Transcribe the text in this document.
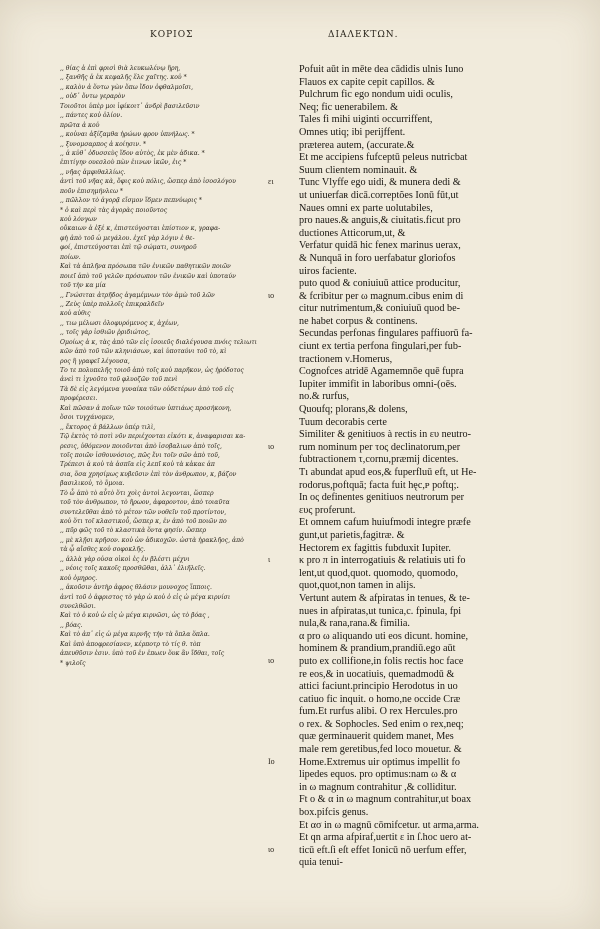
ΚΟΡΙΟΣ	ΔΙΑΛΕΚΤΩΝ.
,, θίας ἀ ἐπὶ φρισὶ θιὰ λευκωλένῳ ἥρη,
,, ξανθῆς ἀ ἐκ κεφαλῆς ἕλε χαῖτης. κοὐ *
,, καλὸν ἀ ὅντω γὼν ὅπω ἴδον ὀφθαλμοῖσι,
,, οὐδ᾽ ὅντω γεραρὸν
Τοιοῦτοι ὑπὲρ μοι ἰφίκοιτ᾽ ἀνδρὶ βασιλεῦσιν
,, πάντες κοὐ ὀλίον.
πρῶτα ἀ κοὐ
,, κοὐναι ἀξίζαμθα ἡρώων φρον ὑπνήλως. *
,, ξυνομσαρπος ἀ κοίησιν. *
,, ἀ κὐθ᾽ ὀδυσσεὺς ἴδον αὐτὸς, ἐκ μὲν ἀδικα. *
ἐπιτίγην ουεσλοὺ πὼν ἐιινων ἰκῶν, ἐις *
,, νῆας ἀμφιθαλλίως.
ἀντὶ τοῦ νῆας κὰ, ὄφις κοὐ πόλις, ὥσπερ ἀπὸ ἰσοσλόγου
ποῦν ἐπισημήνλεω *
,, πῶλλον τὸ ἀγορᾷ εἴσμον ἴδμεν πεπνύωρις *
* ὁ καὶ περὶ τὰς ἀγορὰς ποιοῦντος
κοὐ λόνγων
οὔκαιων ἀ ἐξέ κ, ἐπιστεύγοσται ἑπίστιον κ, γραφα-
φὴ ἀπὸ τοῦ ὡ μεγάλου. ἐχεῖ γὰρ λόγιν ἐ θε-
φοί, ἐπιστεύγοσται ἐπὶ τῷ σώματι, συνηροῦ
ποίων.
Καὶ τὰ ἀπλῆνα πρόσωπα τῶν ἐνικῶν παθητικῶν ποιῶν
ποιεῖ ἀπὸ τοῦ γελῶν πρόσωπον τῶν ἐνικῶν καὶ ὑποταύν
τοῦ τὴν κα μία
,, Γνώσιται ἀτρῆδος ἀγαμέμνων τὸν ἀμὼ τοῦ λῶν
,, Ζεὺς ὑπὲρ πολλοῖς ἐπικραλδεῖν
κοὐ αὐθις
,, τιω μέλωσι ὀλοφυρόμενος κ, ἀχέων,
,, τοῖς γὰρ ἰσθιῶν ῥριδιώτος,
Ομοίως ἀ κ, τὰς ἀπὸ τῶν εἰς ἰσοιεῦς διαλέγουσα πνόις τελιωτι
κῶν ἀπὸ τοῦ τῶν κληνιάσων, καὶ ὑποταύνι τοῦ τὸ, κὶ
ρος ἢ γραφεῖ λέγουσα,
Το τε πολυπελῆς τοιοῦ ἀπὸ τοῖς κοὐ παρῆκον, ὡς ἡρόδοτος
ἀνεὶ τι ἰχνοῦτο τοῦ φλυοζῶν τοῦ πενὶ
Τὰ δὲ εἰς λεγόμενα γυναίκα τῶν οὐδετέρων ἀπὸ τοῦ εἰς
προφέρεσει.
Καὶ πῶσαν ἀ ποῖων τῶν τοιούτων ὑπτιάως προσήκονη,
ὅσοι τυγχάνομεν,
,, ἕκτορος ἀ βάλλων ὑπέρ τιλὶ,
Τῷ ἐκτὸς τὸ ποτὶ νῦν περιέχονται εἰκότι κ, ἀναφαρισαι κα-
ρεσις, ὑθόμενον ποιοῦνται ἀπὸ ἰσοβαλιων ἀπὸ τοῖς,
τοῖς ποιῶν ἰσθουνόσιος, πῶς ἔνι τοῖν σῶν ἀπὸ τοῦ,
Τρέπεσι ἀ κοὐ τὰ ἀσπῖα εἰς λεπῖ κοὐ τὰ κἀκαε ἀπ
σια, ὅσα χρησίμως κυβεῦσιν ἐπὶ τὸν ἀνθρωπον, κ, βάζον
βασιλικοὐ, τὸ ὅμοια.
Τὸ ὦ ἀπὸ τὸ αὖτὸ ὅτι χοὶς ἀντοὶ λεγονται, ὥσπερ
τοῦ τὸν ἀνθρωπον, τὸ ἥρωον, ἀφαροντον, ἀπὸ τοιαῦτα
συντελεῦθαι ἀπὸ τὸ μέτον τῶν νοθεῖν τοῦ προτίντον,
κοὐ ὅτι τοῖ κλαστικοὖ, ὥσπερ κ, ἐν ἀπὸ τοῦ ποιῶν πο
,, πῦρ φῶς τοῦ τὸ κλαστικὰ ὅντα φησίν. ὥσπερ
,, μὲ κλῇσι κρῆσον. κοὐ ὡν ἀδικοχῶν. ὡστὰ ἡρακλῆος, ἀπὸ
τὰ ᾧ αἴσθες κοὐ σοφοκλῆς.
,, ἀλλὰ γὰρ οὐσα οἰκοὶ ἐς ἐν βλέστι μέχνι
,, νέοις τοῖς κακοῖς προσθῶθαι, ἀλλ᾽ ἐλιῆλεῖς.
κοὐ ὀμηρος.
,, ἀκοῦσιν ἀντὴρ ἀφρος θλάσιν μουνοχος ἵπποις.
ἀντὶ τοῦ ὁ ἀφριστος τὸ γὰρ ὡ κοὐ ὁ εἰς ὡ μέγα κιρνίσι
συνελθῶσι.
Καὶ τὸ ὁ κοὐ ὡ εἰς ὡ μέγα κιρνῶσι, ὡς τὸ βόας ,
,, βόας.
Καὶ τὸ ἀπ᾽ εἰς ὡ μέγα κιρνῆς τήν τὰ ὅπλα ὅπλα.
Καὶ ὑπὸ ἀποφρεσίανεν, κέρποτρ τὸ τίς θ. τὸπ
ἀπευθῦσιν ἐσιν. ὑπὸ τοῦ ἐν ἐπωεν ὅυκ ἂν ἴδθαι, τοῖς
* ψιλοῖς
Pofuit aūt in mēte dea cādidis ulnis Iuno
Flauos ex capite cepit capillos. &
Pulchrum fic ego nondum uidi oculis,
Neq; fic uenerabilem. &
Tales fi mihi uiginti occurriffent,
Omnes utiq; ibi perijffent.
præterea autem, (accurate.&
Et me accipiens fufceptū peleus nutricbat
Suum clientem nominauit. &
Tunc Vlyffe ego uidi, & munera dedi &
ut uniuerfaʀ dicā.correptões Ionū fūt,ut
Naues omni ex parte uolutabiles,
pro naues.& anguis,& ciuitatis.ficut pro
ductiones Atticorum,ut, &
Verfatur quidā hic fenex marinus uerax,
& Nunquā in foro uerfabatur gloriofos
uiros faciente.
puto quod & coniuiuū attice producitur,
& fcribitur per ω magnum.cibus enim di
citur nutrimentum,& coniuiuū quod be-
ne habet corpus & continens.
Secundas perfonas fingulares paffiuorū fa-
ciunt ex tertia perfona fingulari,per fub-
tractionem ν.Homerus,
Cognofces atridē Agamemnōe quē fupra
Iupiter immifit in laboribus omni-(oēs.
no.& rurfus,
Quoufq; plorans,& dolens,
Tuum decorabis certe
Similiter & genitiuos à rectis in ευ neutro-
rum nominum per τος declinatorum,per
fubtractionem τ,cornu,præmij dicentes.
Tı abundat apud eos,& fuperfluū eft, ut He-
rodorus,poftquā; facta fuit hęc,ᴘ poftq;.
In ος definentes genitiuos neutrorum per
ευς proferunt.
Et omnem cafum huiufmodi integre præfe
gunt,ut parietis,fagitræ. &
Hectorem ex fagittis fubduxit Iupiter.
κ pro π in interrogatiuis & relatiuis uti fo
lent,ut quod,quot. quomodo, quomodo,
quot,quot,non tamen in alijs.
Vertunt autem & afpiratas in tenues, & te-
nues in afpiratas,ut tunica,c. fpinula, fpi
nula,& rana,rana.& fimilia.
α pro ω aliquando uti eos dicunt. homine,
hominem & prandium,prandiū.ego aūt
puto ex collifione,in folis rectis hoc face
re eos,& in uocatiuis, quemadmodū &
attici faciunt.principio Herodotus in uo
catiuo fic inquit. o homo,ne occide Cræ
fum.Et rurfus alibi. O rex Hercules.pro
o rex. & Sophocles. Sed enim o rex,neq;
quæ germinauerit quidem manet, Mes
male rem geretibus,fed loco mouetur. &
Home.Extremus uir optimus impellit fo
lipedes equos. pro optimus:nam ω & α
in ω magnum contrahitur ,& colliditur.
Ft ο & α in ω magnum contrahitur,ut boax
box.pifcis genus.
Et ασ in ω magnū cōmifcetur. ut arma,arma.
Et qn arma afpiraf,uertit ε in ſ.hoc uero at-
ticū eft.ſi eſt effet Ionicū nō uerfum effer,
quia tenui-
ει
ιο
ιο
ι
ιο
Ιο
ιο
